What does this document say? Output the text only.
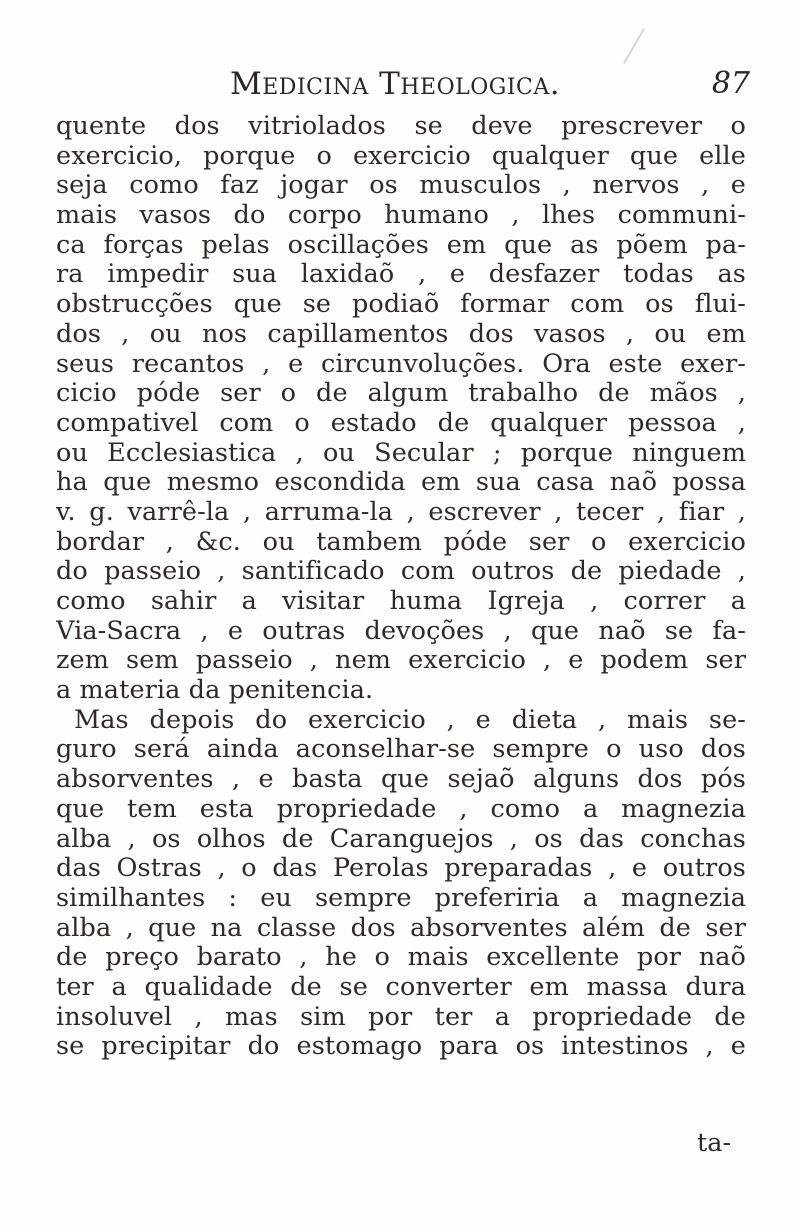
Medicina Theologica.	87
quente dos vitriolados se deve prescrever o
exercicio, porque o exercicio qualquer que elle
seja como faz jogar os musculos , nervos , e
mais vasos do corpo humano , lhes communi-
ca forças pelas oscillações em que as põem pa-
ra impedir sua laxidaõ , e desfazer todas as
obstrucções que se podiaõ formar com os flui-
dos , ou nos capillamentos dos vasos , ou em
seus recantos , e circunvoluções. Ora este exer-
cicio póde ser o de algum trabalho de mãos ,
compativel com o estado de qualquer pessoa ,
ou Ecclesiastica , ou Secular ; porque ninguem
ha que mesmo escondida em sua casa naõ possa
v. g. varrê-la , arruma-la , escrever , tecer , fiar ,
bordar , &c. ou tambem póde ser o exercicio
do passeio , santificado com outros de piedade ,
como sahir a visitar huma Igreja , correr a
Via-Sacra , e outras devoções , que naõ se fa-
zem sem passeio , nem exercicio , e podem ser
a materia da penitencia.
Mas depois do exercicio , e dieta , mais se-
guro será ainda aconselhar-se sempre o uso dos
absorventes , e basta que sejaõ alguns dos pós
que tem esta propriedade , como a magnezia
alba , os olhos de Caranguejos , os das conchas
das Ostras , o das Perolas preparadas , e outros
similhantes : eu sempre preferiria a magnezia
alba , que na classe dos absorventes além de ser
de preço barato , he o mais excellente por naõ
ter a qualidade de se converter em massa dura
insoluvel , mas sim por ter a propriedade de
se precipitar do estomago para os intestinos , e
ta-
